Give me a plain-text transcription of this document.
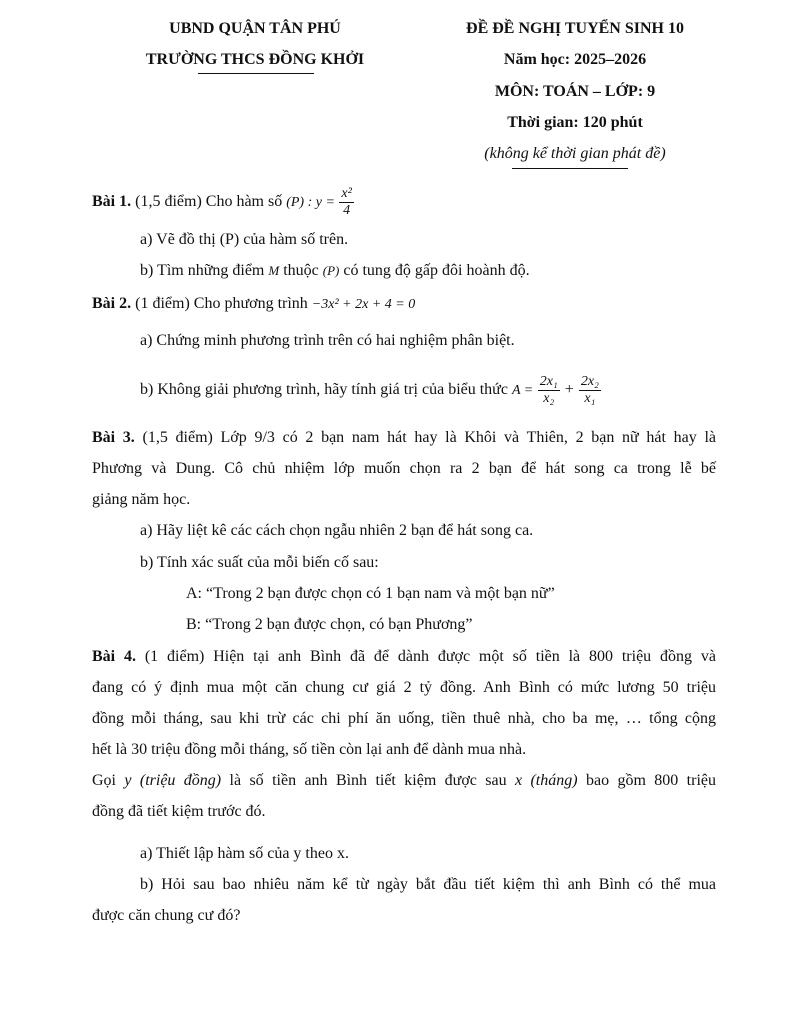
UBND QUẬN TÂN PHÚ
TRƯỜNG THCS ĐỒNG KHỞI
ĐỀ ĐỀ NGHỊ TUYỂN SINH 10
Năm học: 2025–2026
MÔN: TOÁN – LỚP: 9
Thời gian: 120 phút
(không kể thời gian phát đề)
Bài 1. (1,5 điểm) Cho hàm số (P) : $y = \frac{\text{x²}}{4}$
a) Vẽ đồ thị (P) của hàm số trên.
b) Tìm những điểm M thuộc (P) có tung độ gấp đôi hoành độ.
Bài 2. (1 điểm) Cho phương trình −3x² + 2x + 4 = 0
a) Chứng minh phương trình trên có hai nghiệm phân biệt.
b) Không giải phương trình, hãy tính giá trị của biểu thức $A = \frac{\text{2x₁}}{\text{x₂}} + \frac{\text{2x₂}}{\text{x₁}}$
Bài 3. (1,5 điểm) Lớp 9/3 có 2 bạn nam hát hay là Khôi và Thiên, 2 bạn nữ hát hay là
Phương và Dung. Cô chủ nhiệm lớp muốn chọn ra 2 bạn để hát song ca trong lễ bế
giảng năm học.
a) Hãy liệt kê các cách chọn ngẫu nhiên 2 bạn để hát song ca.
b) Tính xác suất của mỗi biến cố sau:
A: “Trong 2 bạn được chọn có 1 bạn nam và một bạn nữ”
B: “Trong 2 bạn được chọn, có bạn Phương”
Bài 4. (1 điểm) Hiện tại anh Bình đã để dành được một số tiền là 800 triệu đồng và
đang có ý định mua một căn chung cư giá 2 tỷ đồng. Anh Bình có mức lương 50 triệu
đồng mỗi tháng, sau khi trừ các chi phí ăn uống, tiền thuê nhà, cho ba mẹ, … tổng cộng
hết là 30 triệu đồng mỗi tháng, số tiền còn lại anh để dành mua nhà.
Gọi y (triệu đồng) là số tiền anh Bình tiết kiệm được sau x (tháng) bao gồm 800 triệu
đồng đã tiết kiệm trước đó.
a) Thiết lập hàm số của y theo x.
b) Hỏi sau bao nhiêu năm kể từ ngày bắt đầu tiết kiệm thì anh Bình có thể mua
được căn chung cư đó?
